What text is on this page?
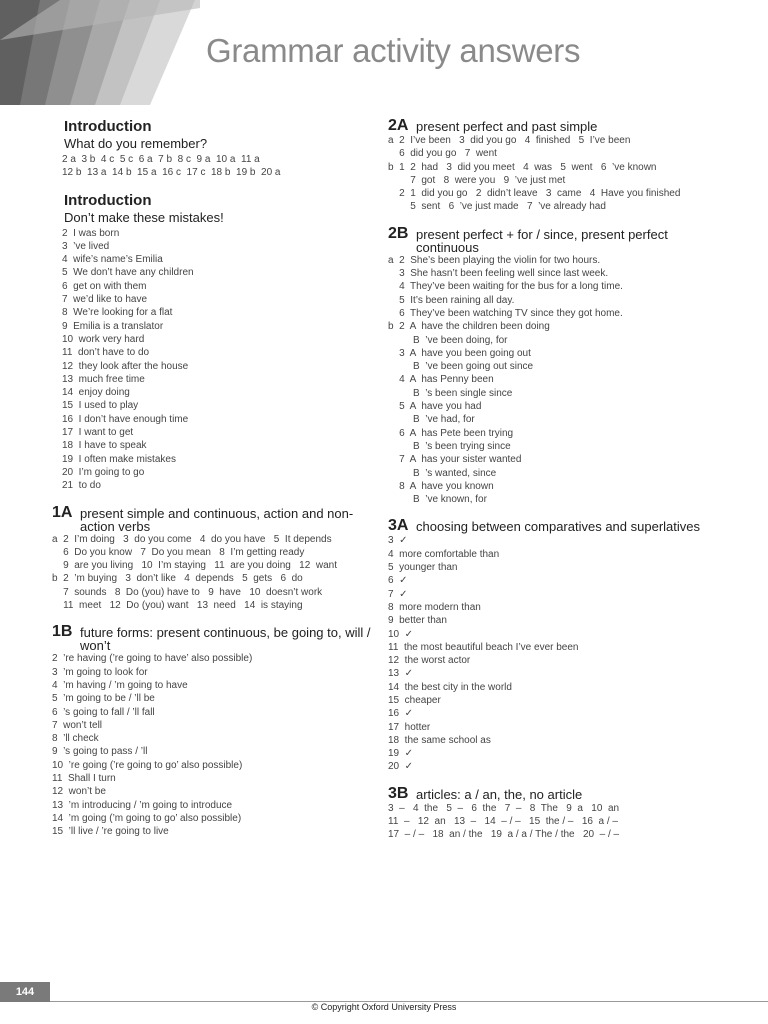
Grammar activity answers
Introduction
What do you remember?
2 a  3 b  4 c  5 c  6 a  7 b  8 c  9 a  10 a  11 a
12 b  13 a  14 b  15 a  16 c  17 c  18 b  19 b  20 a
Introduction
Don’t make these mistakes!
2  I was born
3  ’ve lived
4  wife’s name’s Emilia
5  We don’t have any children
6  get on with them
7  we’d like to have
8  We’re looking for a flat
9  Emilia is a translator
10  work very hard
11  don’t have to do
12  they look after the house
13  much free time
14  enjoy doing
15  I used to play
16  I don’t have enough time
17  I want to get
18  I have to speak
19  I often make mistakes
20  I’m going to go
21  to do
1A present simple and continuous, action and non-action verbs
a  2  I’m doing   3  do you come   4  do you have   5  It depends
6  Do you know   7  Do you mean   8  I’m getting ready
9  are you living   10  I’m staying   11  are you doing   12  want
b  2  ’m buying   3  don’t like   4  depends   5  gets   6  do
7  sounds   8  Do (you) have to   9  have   10  doesn’t work
11  meet   12  Do (you) want   13  need   14  is staying
1B future forms: present continuous, be going to, will / won’t
2  ’re having (’re going to have’ also possible)
3  ’m going to look for
4  ’m having / ’m going to have
5  ’m going to be / ’ll be
6  ’s going to fall / ’ll fall
7  won’t tell
8  ’ll check
9  ’s going to pass / ’ll
10  ’re going (’re going to go’ also possible)
11  Shall I turn
12  won’t be
13  ’m introducing / ’m going to introduce
14  ’m going (’m going to go’ also possible)
15  ’ll live / ’re going to live
2A present perfect and past simple
a  2  I’ve been   3  did you go   4  finished   5  I’ve been
6  did you go   7  went
b  1  2  had   3  did you meet   4  was   5  went   6  ’ve known
7  got   8  were you   9  ’ve just met
2  1  did you go   2  didn’t leave   3  came   4  Have you finished
5  sent   6  ’ve just made   7  ’ve already had
2B present perfect + for / since, present perfect continuous
a  2  She’s been playing the violin for two hours.
3  She hasn’t been feeling well since last week.
4  They’ve been waiting for the bus for a long time.
5  It’s been raining all day.
6  They’ve been watching TV since they got home.
b  2  A  have the children been doing
B  ’ve been doing, for
3  A  have you been going out
B  ’ve been going out since
4  A  has Penny been
B  ’s been single since
5  A  have you had
B  ’ve had, for
6  A  has Pete been trying
B  ’s been trying since
7  A  has your sister wanted
B  ’s wanted, since
8  A  have you known
B  ’ve known, for
3A choosing between comparatives and superlatives
3  ✓
4  more comfortable than
5  younger than
6  ✓
7  ✓
8  more modern than
9  better than
10  ✓
11  the most beautiful beach I’ve ever been
12  the worst actor
13  ✓
14  the best city in the world
15  cheaper
16  ✓
17  hotter
18  the same school as
19  ✓
20  ✓
3B articles: a / an, the, no article
3  –   4  the   5  –   6  the   7  –   8  The   9  a   10  an
11  –   12  an   13  –   14  – / –   15  the / –   16  a / –
17  – / –   18  an / the   19  a / a / The / the   20  – / –
144
© Copyright Oxford University Press
